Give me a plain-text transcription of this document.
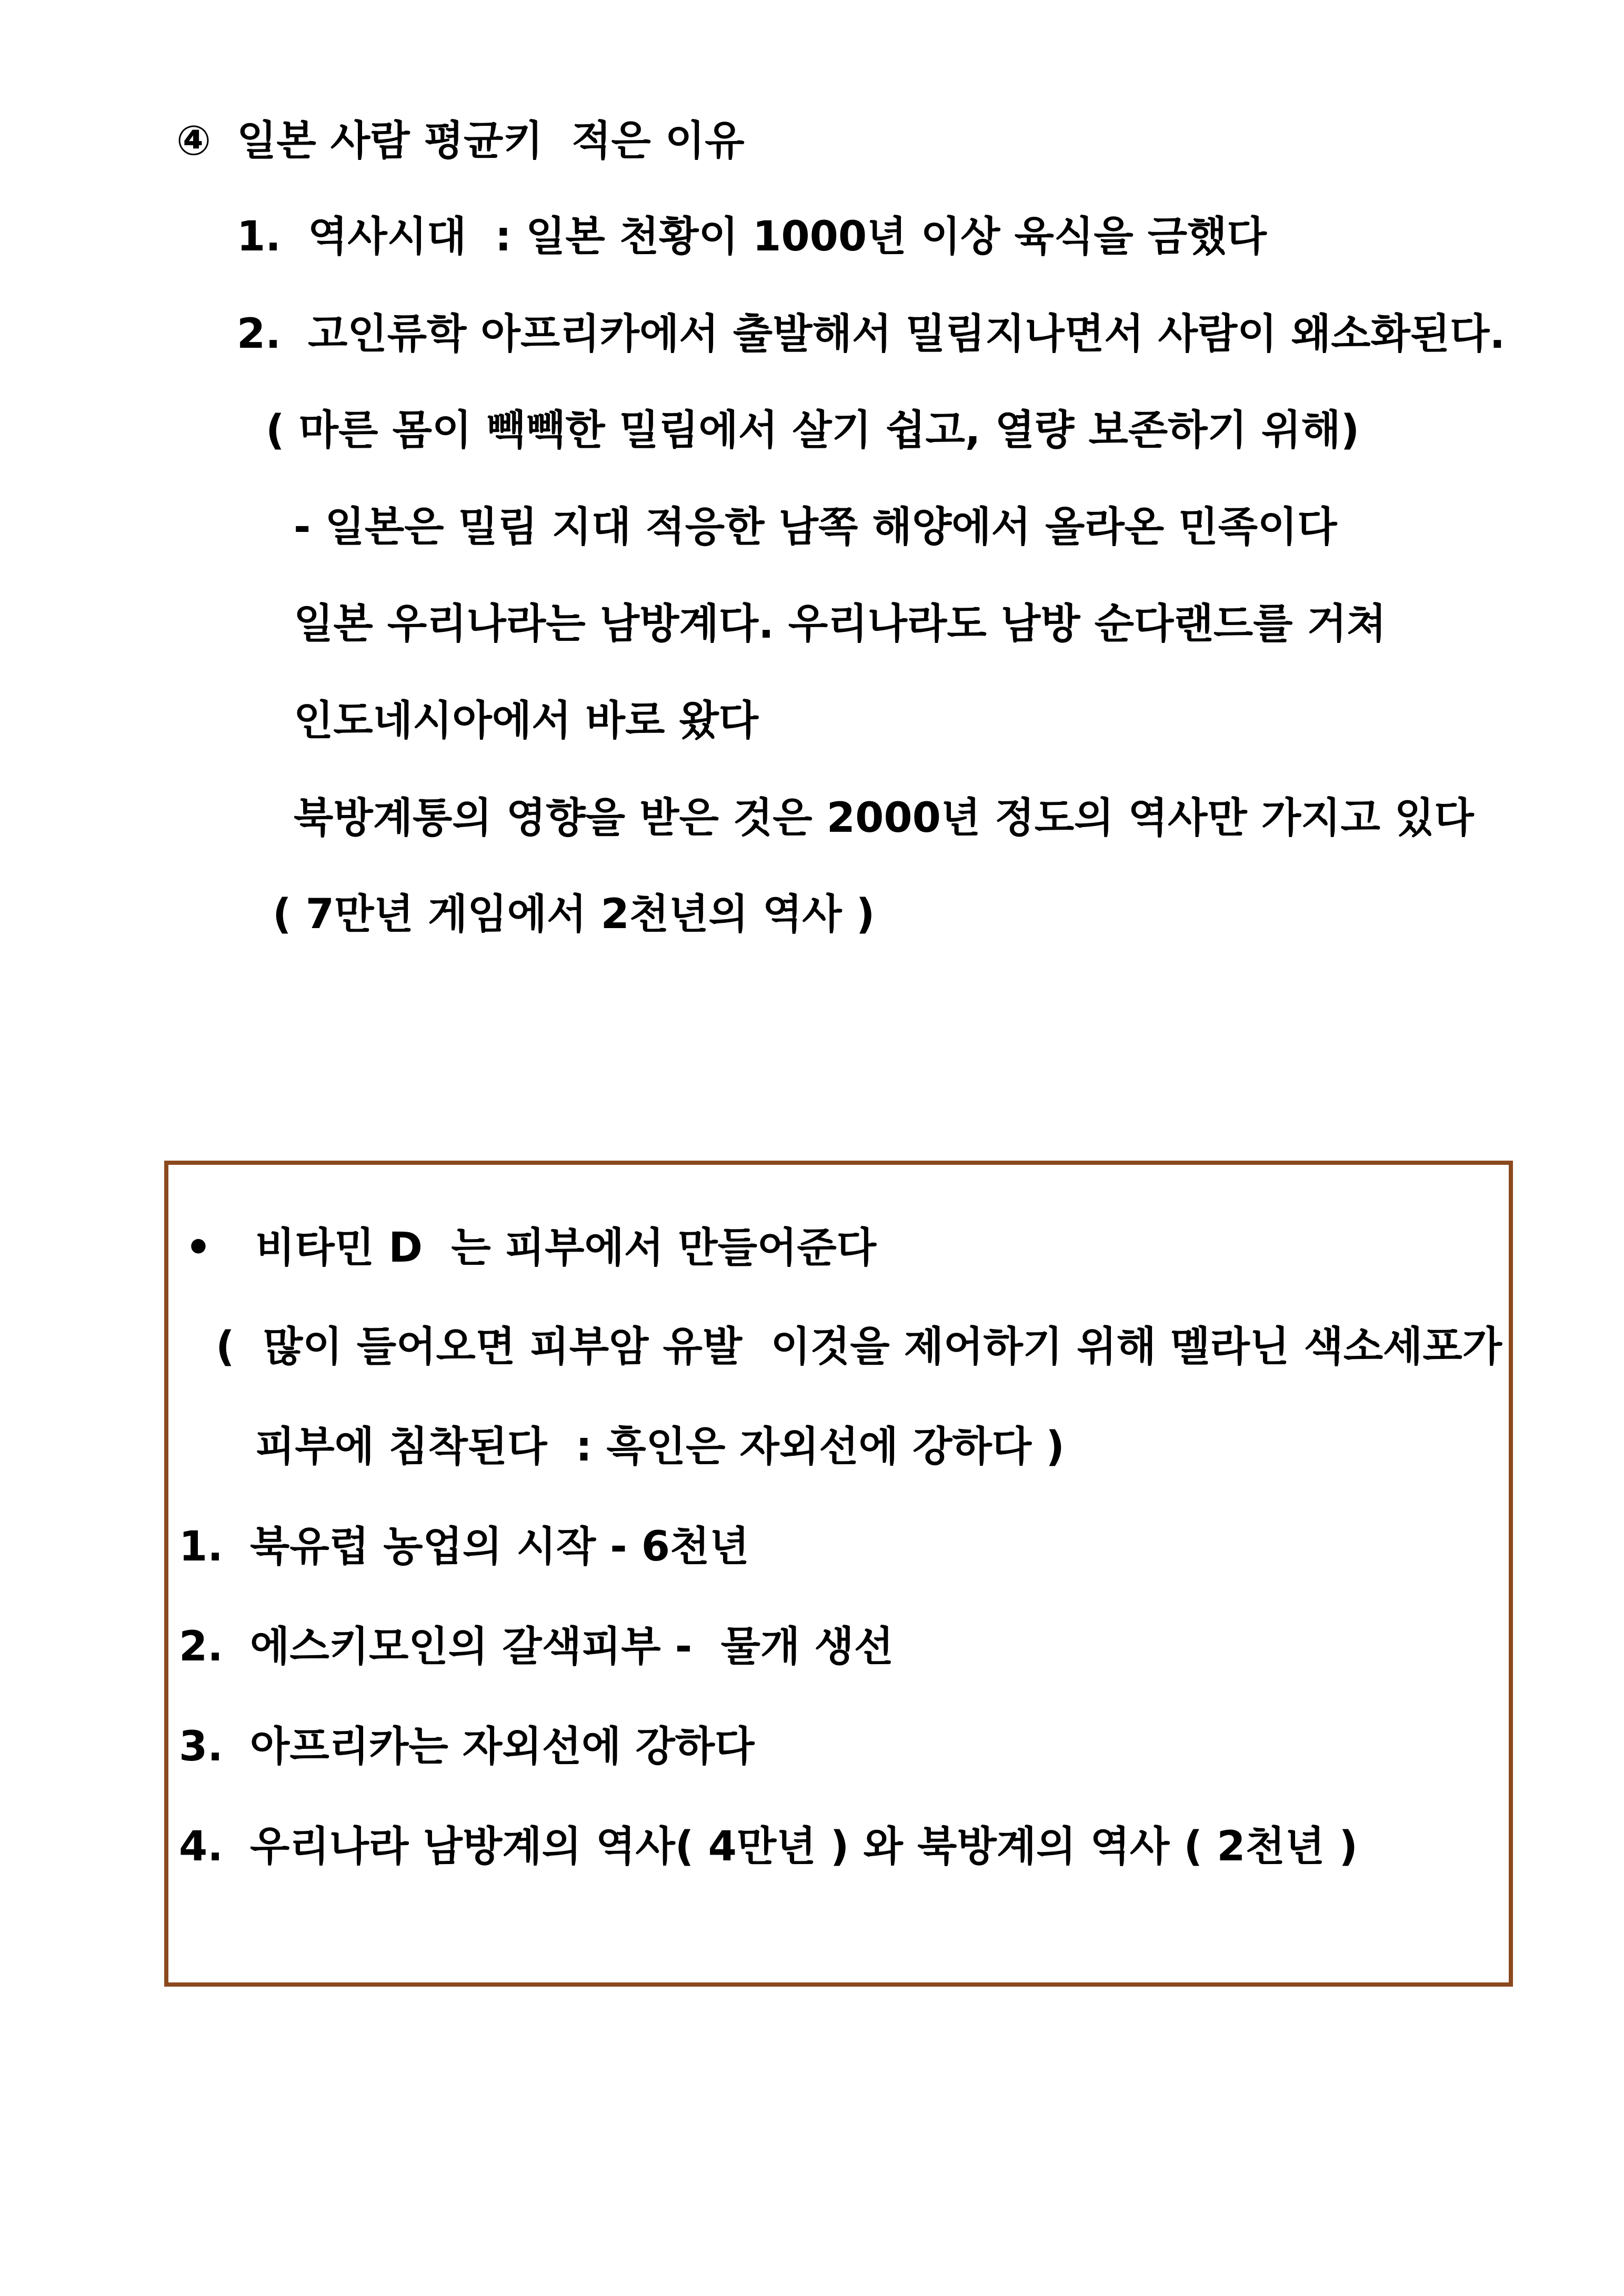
④ 일본 사람 평균키  적은 이유

1. 역사시대  : 일본 천황이 1000년 이상 육식을 금했다

2. 고인류학 아프리카에서 출발해서 밀림지나면서 사람이 왜소화된다.

( 마른 몸이 빽빽한 밀림에서 살기 쉽고, 열량 보존하기 위해)

- 일본은 밀림 지대 적응한 남쪽 해양에서 올라온 민족이다

일본 우리나라는 남방계다. 우리나라도 남방 순다랜드를 거쳐

인도네시아에서 바로 왔다

북방계통의 영향을 받은 것은 2000년 정도의 역사만 가지고 있다

( 7만년 게임에서 2천년의 역사 )

• 비타민 D  는 피부에서 만들어준다

(  많이 들어오면 피부암 유발  이것을 제어하기 위해 멜라닌 색소세포가

피부에 침착된다  : 흑인은 자외선에 강하다 )

1. 북유럽 농업의 시작 - 6천년

2. 에스키모인의 갈색피부 -  물개 생선

3. 아프리카는 자외선에 강하다

4. 우리나라 남방계의 역사( 4만년 ) 와 북방계의 역사 ( 2천년 )
